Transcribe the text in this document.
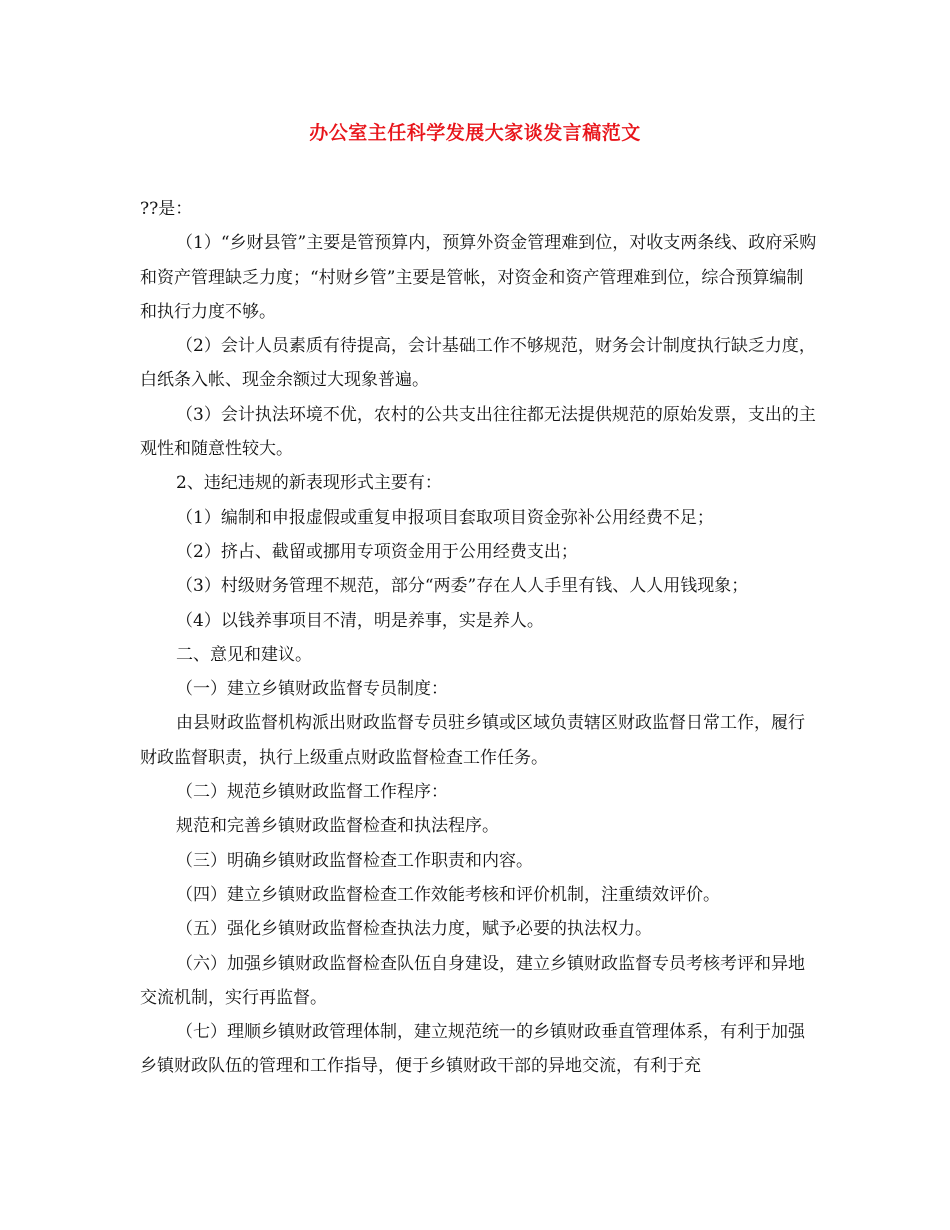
办公室主任科学发展大家谈发言稿范文

??是：

（1）“乡财县管”主要是管预算内，预算外资金管理难到位，对收支两条线、政府采购和资产管理缺乏力度；“村财乡管”主要是管帐，对资金和资产管理难到位，综合预算编制和执行力度不够。

（2）会计人员素质有待提高，会计基础工作不够规范，财务会计制度执行缺乏力度，白纸条入帐、现金余额过大现象普遍。

（3）会计执法环境不优，农村的公共支出往往都无法提供规范的原始发票，支出的主观性和随意性较大。

2、违纪违规的新表现形式主要有：

（1）编制和申报虚假或重复申报项目套取项目资金弥补公用经费不足；

（2）挤占、截留或挪用专项资金用于公用经费支出；

（3）村级财务管理不规范，部分“两委”存在人人手里有钱、人人用钱现象；

（4）以钱养事项目不清，明是养事，实是养人。

二、意见和建议。

（一）建立乡镇财政监督专员制度：

由县财政监督机构派出财政监督专员驻乡镇或区域负责辖区财政监督日常工作，履行财政监督职责，执行上级重点财政监督检查工作任务。

（二）规范乡镇财政监督工作程序：

规范和完善乡镇财政监督检查和执法程序。

（三）明确乡镇财政监督检查工作职责和内容。

（四）建立乡镇财政监督检查工作效能考核和评价机制，注重绩效评价。

（五）强化乡镇财政监督检查执法力度，赋予必要的执法权力。

（六）加强乡镇财政监督检查队伍自身建设，建立乡镇财政监督专员考核考评和异地交流机制，实行再监督。

（七）理顺乡镇财政管理体制，建立规范统一的乡镇财政垂直管理体系，有利于加强乡镇财政队伍的管理和工作指导，便于乡镇财政干部的异地交流，有利于充
